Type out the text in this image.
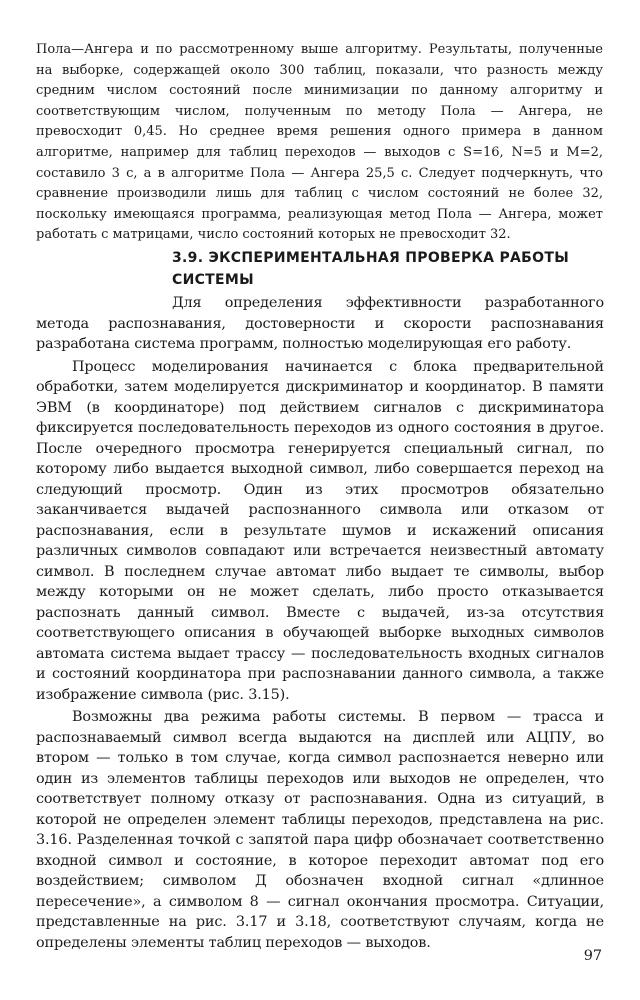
Пола—Ангера и по рассмотренному выше алгоритму. Результаты, полученные на выборке, содержащей около 300 таблиц, показали, что разность между средним числом состояний после минимизации по данному алгоритму и соответствующим числом, полученным по методу Пола — Ангера, не превосходит 0,45. Но среднее время решения одного примера в данном алгоритме, например для таблиц переходов — выходов с S=16, N=5 и M=2, составило 3 с, а в алгоритме Пола — Ангера 25,5 с. Следует подчеркнуть, что сравнение производили лишь для таблиц с числом состояний не более 32, поскольку имеющаяся программа, реализующая метод Пола — Ангера, может работать с матрицами, число состояний которых не превосходит 32.
3.9. ЭКСПЕРИМЕНТАЛЬНАЯ ПРОВЕРКА РАБОТЫ СИСТЕМЫ

Для определения эффективности разработанного метода распознавания, достоверности и скорости распознавания разработана система программ, полностью моделирующая его работу.

Процесс моделирования начинается с блока предварительной обработки, затем моделируется дискриминатор и координатор. В памяти ЭВМ (в координаторе) под действием сигналов с дискриминатора фиксируется последовательность переходов из одного состояния в другое. После очередного просмотра генерируется специальный сигнал, по которому либо выдается выходной символ, либо совершается переход на следующий просмотр. Один из этих просмотров обязательно заканчивается выдачей распознанного символа или отказом от распознавания, если в результате шумов и искажений описания различных символов совпадают или встречается неизвестный автомату символ. В последнем случае автомат либо выдает те символы, выбор между которыми он не может сделать, либо просто отказывается распознать данный символ. Вместе с выдачей, из-за отсутствия соответствующего описания в обучающей выборке выходных символов автомата система выдает трассу — последовательность входных сигналов и состояний координатора при распознавании данного символа, а также изображение символа (рис. 3.15).

Возможны два режима работы системы. В первом — трасса и распознаваемый символ всегда выдаются на дисплей или АЦПУ, во втором — только в том случае, когда символ распознается неверно или один из элементов таблицы переходов или выходов не определен, что соответствует полному отказу от распознавания. Одна из ситуаций, в которой не определен элемент таблицы переходов, представлена на рис. 3.16. Разделенная точкой с запятой пара цифр обозначает соответственно входной символ и состояние, в которое переходит автомат под его воздействием; символом Д обозначен входной сигнал «длинное пересечение», а символом 8 — сигнал окончания просмотра. Ситуации, представленные на рис. 3.17 и 3.18, соответствуют случаям, когда не определены элементы таблиц переходов — выходов.

97
